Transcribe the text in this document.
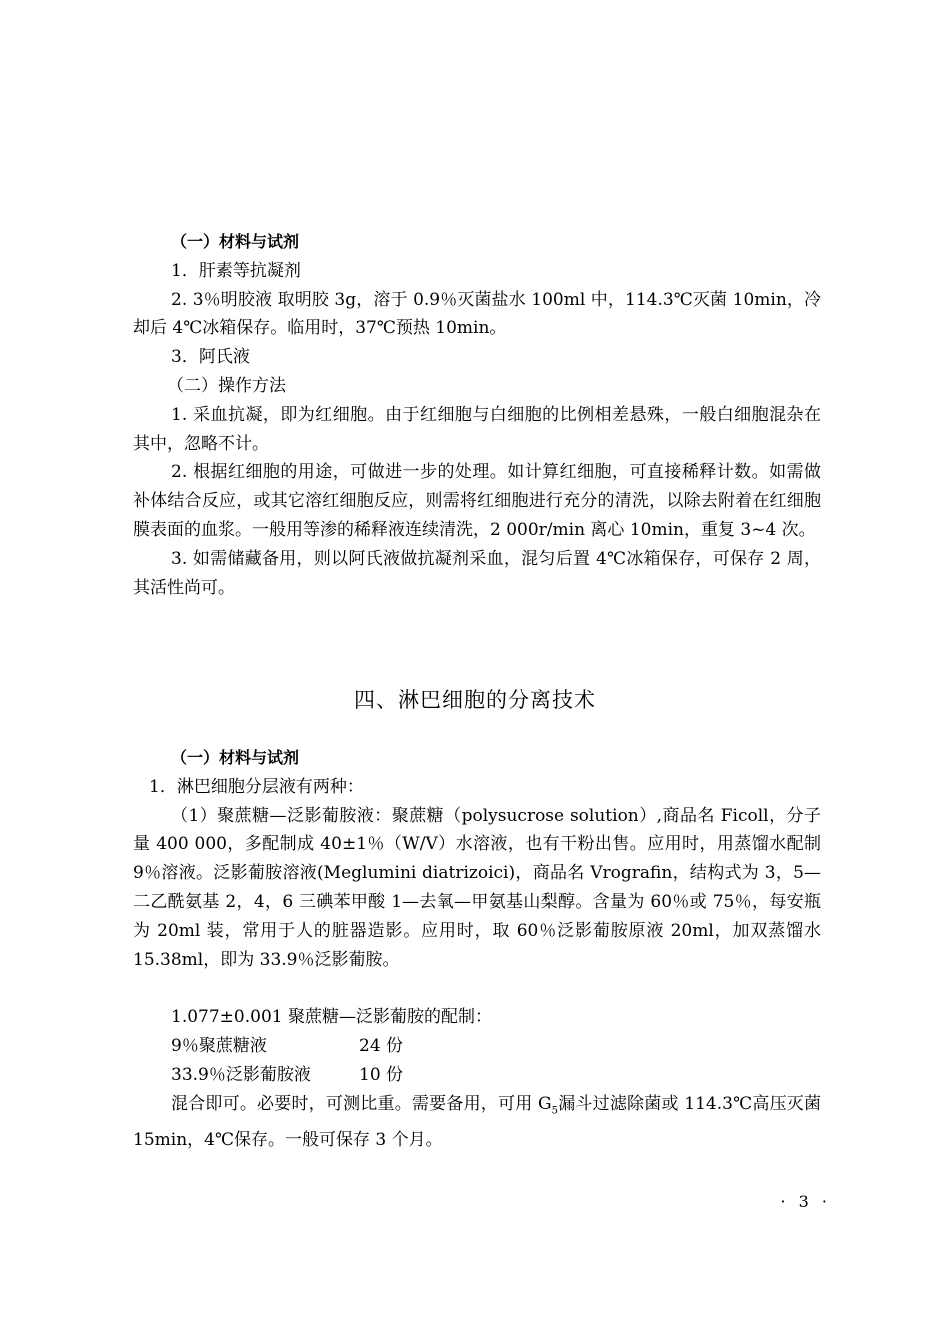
（一）材料与试剂

1．肝素等抗凝剂

2. 3％明胶液 取明胶 3g，溶于 0.9％灭菌盐水 100ml 中，114.3℃灭菌 10min，冷却后 4℃冰箱保存。临用时，37℃预热 10min。

3．阿氏液

（二）操作方法

1. 采血抗凝，即为红细胞。由于红细胞与白细胞的比例相差悬殊，一般白细胞混杂在其中，忽略不计。

2. 根据红细胞的用途，可做进一步的处理。如计算红细胞，可直接稀释计数。如需做补体结合反应，或其它溶红细胞反应，则需将红细胞进行充分的清洗，以除去附着在红细胞膜表面的血浆。一般用等渗的稀释液连续清洗，2 000r/min 离心 10min，重复 3~4 次。

3. 如需储藏备用，则以阿氏液做抗凝剂采血，混匀后置 4℃冰箱保存，可保存 2 周，其活性尚可。

四、淋巴细胞的分离技术

（一）材料与试剂

1．淋巴细胞分层液有两种：

（1）聚蔗糖—泛影葡胺液：聚蔗糖（polysucrose solution）,商品名 Ficoll，分子量 400 000，多配制成 40±1％（W/V）水溶液，也有干粉出售。应用时，用蒸馏水配制 9％溶液。泛影葡胺溶液(Meglumini diatrizoici)，商品名 Vrografin，结构式为 3，5—二乙酰氨基 2，4，6 三碘苯甲酸 1—去氧—甲氨基山梨醇。含量为 60％或 75％，每安瓶为 20ml 装，常用于人的脏器造影。应用时，取 60％泛影葡胺原液 20ml，加双蒸馏水 15.38ml，即为 33.9％泛影葡胺。

1.077±0.001 聚蔗糖—泛影葡胺的配制：

9％聚蔗糖液	24 份
33.9％泛影葡胺液	10 份

混合即可。必要时，可测比重。需要备用，可用 $G_5$漏斗过滤除菌或 114.3℃高压灭菌 15min，4℃保存。一般可保存 3 个月。

· 3 ·
